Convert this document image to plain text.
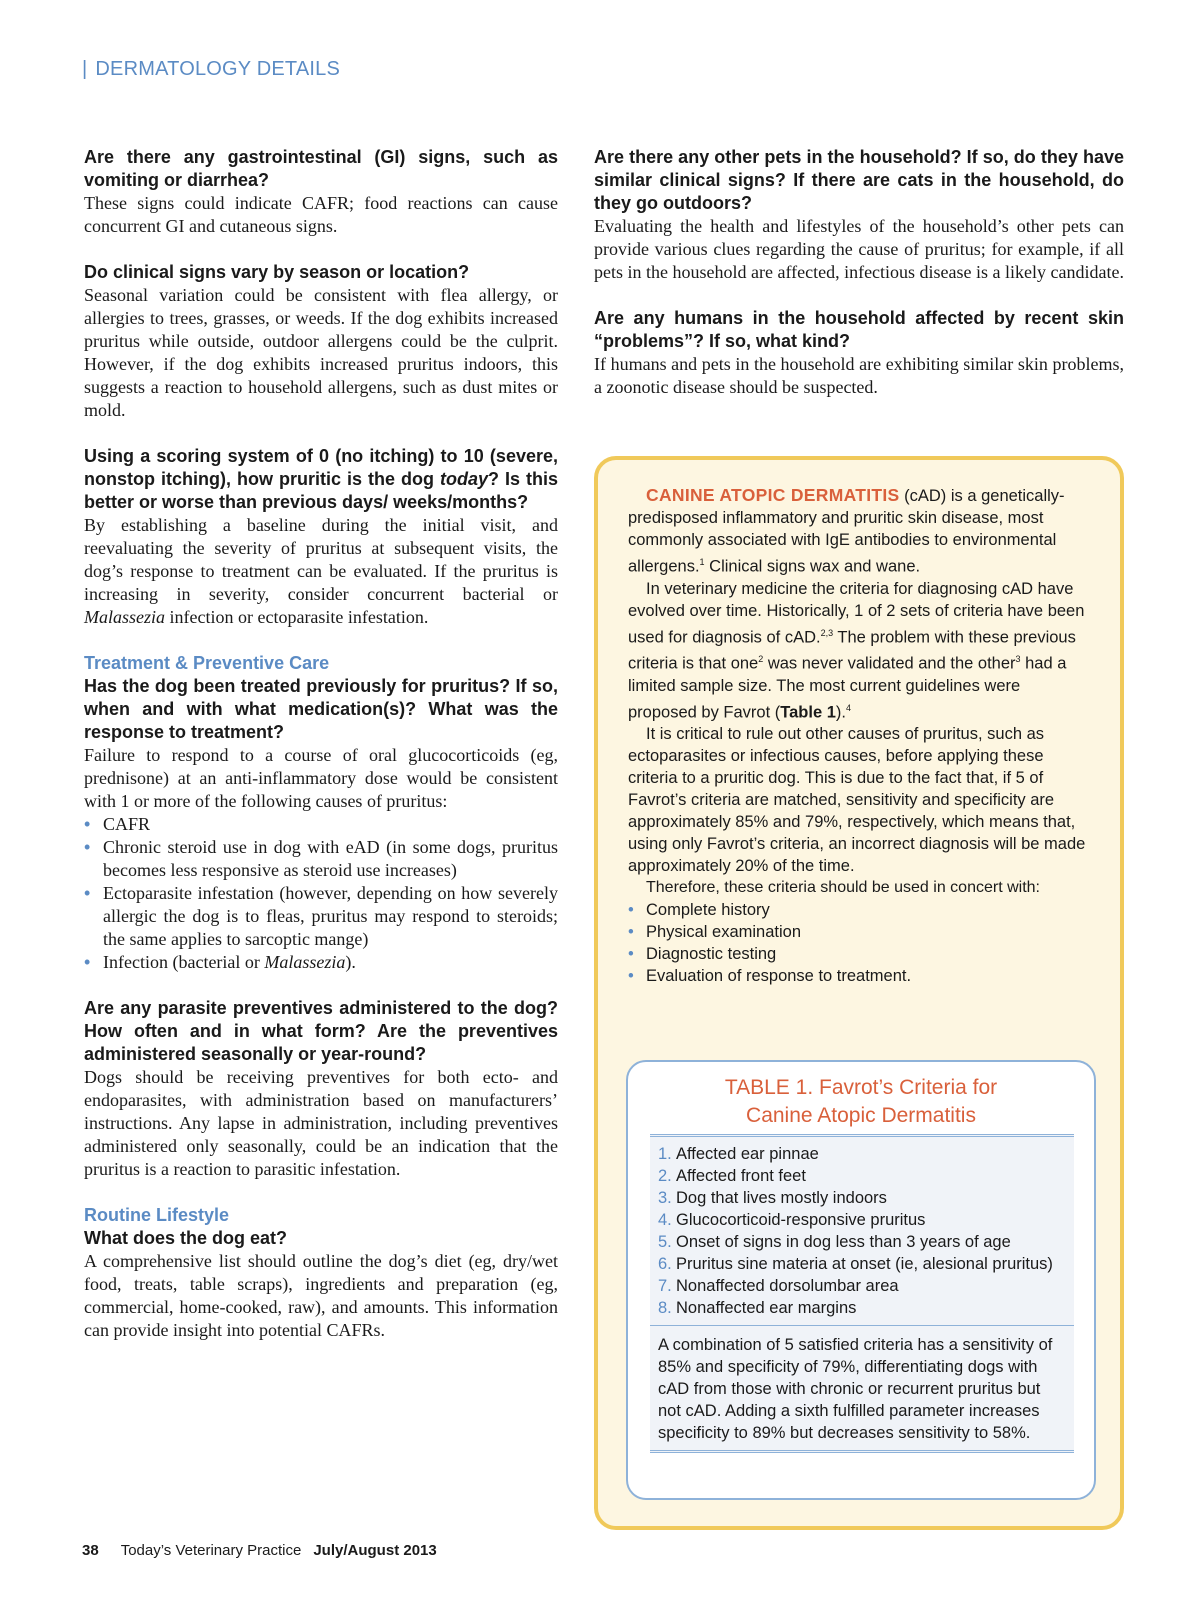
| DERMATOLOGY DETAILS

Are there any gastrointestinal (GI) signs, such as vomiting or diarrhea?

These signs could indicate CAFR; food reactions can cause concurrent GI and cutaneous signs.

Do clinical signs vary by season or location?

Seasonal variation could be consistent with flea allergy, or allergies to trees, grasses, or weeds. If the dog exhibits increased pruritus while outside, outdoor allergens could be the culprit. However, if the dog exhibits increased pruritus indoors, this suggests a reaction to household allergens, such as dust mites or mold.

Using a scoring system of 0 (no itching) to 10 (severe, nonstop itching), how pruritic is the dog today? Is this better or worse than previous days/ weeks/months?

By establishing a baseline during the initial visit, and reevaluating the severity of pruritus at subsequent visits, the dog’s response to treatment can be evaluated. If the pruritus is increasing in severity, consider concurrent bacterial or Malassezia infection or ectoparasite infestation.

Treatment & Preventive Care

Has the dog been treated previously for pruritus? If so, when and with what medication(s)? What was the response to treatment?

Failure to respond to a course of oral glucocorticoids (eg, prednisone) at an anti-inflammatory dose would be consistent with 1 or more of the following causes of pruritus:

• CAFR
• Chronic steroid use in dog with eAD (in some dogs, pruritus becomes less responsive as steroid use increases)
• Ectoparasite infestation (however, depending on how severely allergic the dog is to fleas, pruritus may respond to steroids; the same applies to sarcoptic mange)
• Infection (bacterial or Malassezia).

Are any parasite preventives administered to the dog? How often and in what form? Are the preventives administered seasonally or year-round?

Dogs should be receiving preventives for both ecto- and endoparasites, with administration based on manufacturers’ instructions. Any lapse in administration, including preventives administered only seasonally, could be an indication that the pruritus is a reaction to parasitic infestation.

Routine Lifestyle

What does the dog eat?

A comprehensive list should outline the dog’s diet (eg, dry/wet food, treats, table scraps), ingredients and preparation (eg, commercial, home-cooked, raw), and amounts. This information can provide insight into potential CAFRs.

Are there any other pets in the household? If so, do they have similar clinical signs? If there are cats in the household, do they go outdoors?

Evaluating the health and lifestyles of the household’s other pets can provide various clues regarding the cause of pruritus; for example, if all pets in the household are affected, infectious disease is a likely candidate.

Are any humans in the household affected by recent skin “problems”? If so, what kind?

If humans and pets in the household are exhibiting similar skin problems, a zoonotic disease should be suspected.

CANINE ATOPIC DERMATITIS (cAD) is a genetically-predisposed inflammatory and pruritic skin disease, most commonly associated with IgE antibodies to environmental allergens.$^1$ Clinical signs wax and wane.

In veterinary medicine the criteria for diagnosing cAD have evolved over time. Historically, 1 of 2 sets of criteria have been used for diagnosis of cAD.$^{2,3}$ The problem with these previous criteria is that one$^2$ was never validated and the other$^3$ had a limited sample size. The most current guidelines were proposed by Favrot (Table 1).$^4$

It is critical to rule out other causes of pruritus, such as ectoparasites or infectious causes, before applying these criteria to a pruritic dog. This is due to the fact that, if 5 of Favrot’s criteria are matched, sensitivity and specificity are approximately 85% and 79%, respectively, which means that, using only Favrot’s criteria, an incorrect diagnosis will be made approximately 20% of the time.

Therefore, these criteria should be used in concert with:

• Complete history
• Physical examination
• Diagnostic testing
• Evaluation of response to treatment.
TABLE 1. Favrot’s Criteria for
Canine Atopic Dermatitis
1. Affected ear pinnae
2. Affected front feet
3. Dog that lives mostly indoors
4. Glucocorticoid-responsive pruritus
5. Onset of signs in dog less than 3 years of age
6. Pruritus sine materia at onset (ie, alesional pruritus)
7. Nonaffected dorsolumbar area
8. Nonaffected ear margins

A combination of 5 satisfied criteria has a sensitivity of 85% and specificity of 79%, differentiating dogs with cAD from those with chronic or recurrent pruritus but not cAD. Adding a sixth fulfilled parameter increases specificity to 89% but decreases sensitivity to 58%.

38 Today’s Veterinary Practice July/August 2013
